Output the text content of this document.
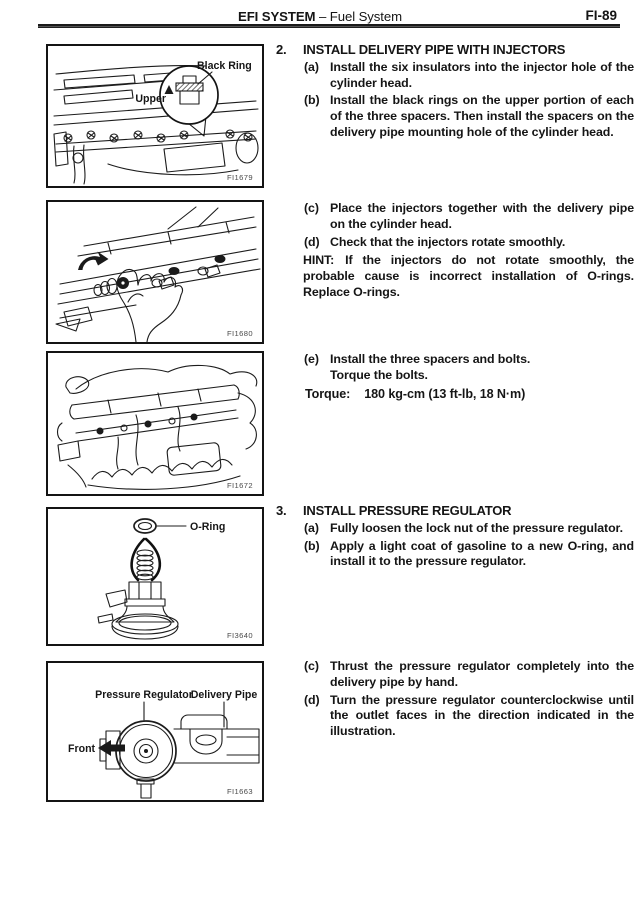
EFI SYSTEM – Fuel System	FI-89
Black Ring
Upper
FI1679
FI1680
FI1672
O-Ring
FI3640
Pressure Regulator
Delivery Pipe
Front
FI1663
2.	INSTALL DELIVERY PIPE WITH INJECTORS
(a) Install the six insulators into the injector hole of the cylinder head.
(b) Install the black rings on the upper portion of each of the three spacers. Then install the spacers on the delivery pipe mounting hole of the cylinder head.
(c) Place the injectors together with the delivery pipe on the cylinder head.
(d) Check that the injectors rotate smoothly.
HINT: If the injectors do not rotate smoothly, the probable cause is incorrect installation of O-rings. Replace O-rings.
(e) Install the three spacers and bolts.
Torque the bolts.
Torque: 180 kg-cm (13 ft-lb, 18 N·m)
3.	INSTALL PRESSURE REGULATOR
(a) Fully loosen the lock nut of the pressure regulator.
(b) Apply a light coat of gasoline to a new O-ring, and install it to the pressure regulator.
(c) Thrust the pressure regulator completely into the delivery pipe by hand.
(d) Turn the pressure regulator counterclockwise until the outlet faces in the direction indicated in the illustration.
